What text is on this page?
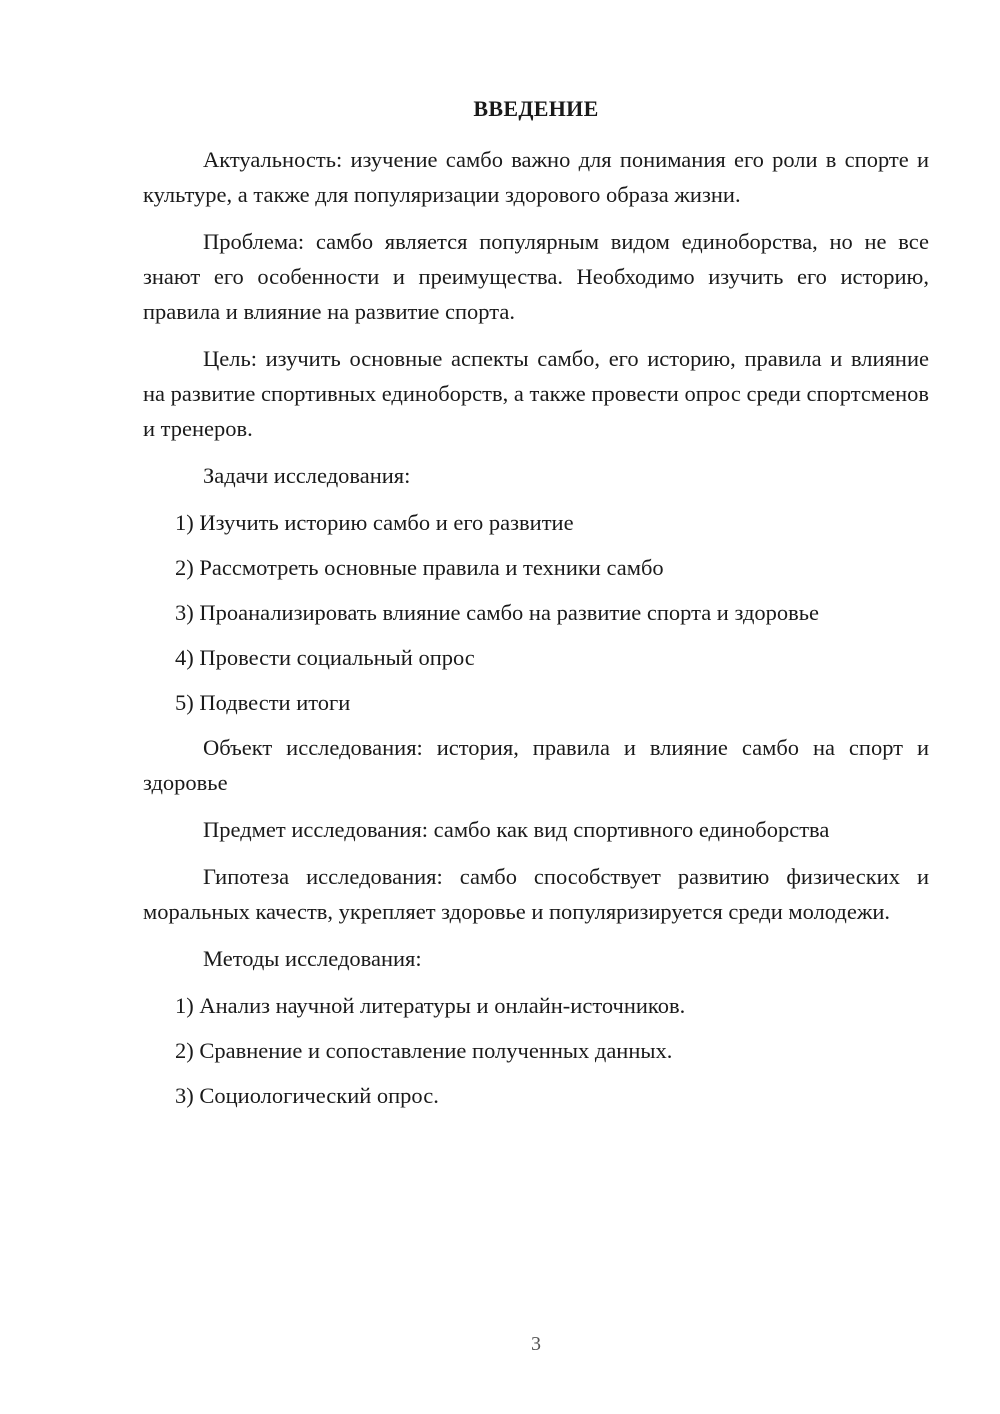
ВВЕДЕНИЕ

Актуальность: изучение самбо важно для понимания его роли в спорте и культуре, а также для популяризации здорового образа жизни.

Проблема: самбо является популярным видом единоборства, но не все знают его особенности и преимущества. Необходимо изучить его историю, правила и влияние на развитие спорта.

Цель: изучить основные аспекты самбо, его историю, правила и влияние на развитие спортивных единоборств, а также провести опрос среди спортсменов и тренеров.

Задачи исследования:

1) Изучить историю самбо и его развитие

2) Рассмотреть основные правила и техники самбо

3) Проанализировать влияние самбо на развитие спорта и здоровье

4) Провести социальный опрос

5) Подвести итоги

Объект исследования: история, правила и влияние самбо на спорт и здоровье

Предмет исследования: самбо как вид спортивного единоборства

Гипотеза исследования: самбо способствует развитию физических и моральных качеств, укрепляет здоровье и популяризируется среди молодежи.

Методы исследования:

1) Анализ научной литературы и онлайн-источников.

2) Сравнение и сопоставление полученных данных.

3) Социологический опрос.

3
